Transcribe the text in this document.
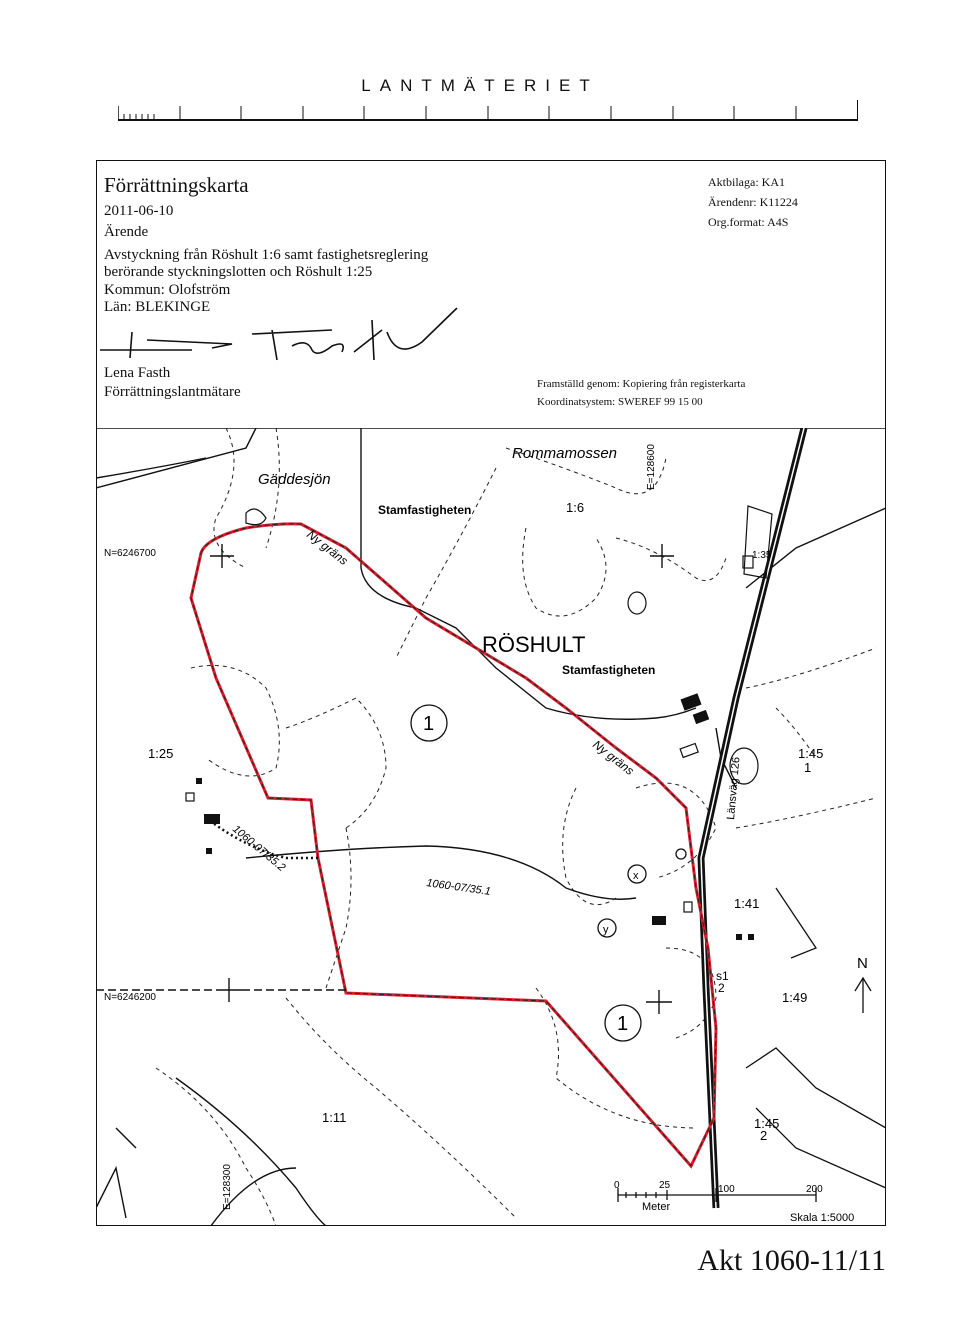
LANTMÄTERIET
Förrättningskarta
2011-06-10
Ärende
Avstyckning från Röshult 1:6 samt fastighetsreglering
berörande styckningslotten och Röshult 1:25
Kommun: Olofström
Län: BLEKINGE
Lena Fasth
Förrättningslantmätare
Aktbilaga: KA1
Ärendenr: K11224
Org.format: A4S
Framställd genom: Kopiering från registerkarta
Koordinatsystem: SWEREF 99 15 00
Gäddesjön
Rommamossen
Stamfastigheten
RÖSHULT
Stamfastigheten
N=6246700
N=6246200
E=128600
E=128300
Ny gräns
Ny gräns	Länsväg 126
1:6
1:35
1:25	1:45
1
1:41
s1
2
1:49
1:11	1:45
2
1060-07/35.2
1060-07/35.1
1
1
x
y
N
0	25	100	200
Meter
Skala 1:5000
Akt 1060-11/11
